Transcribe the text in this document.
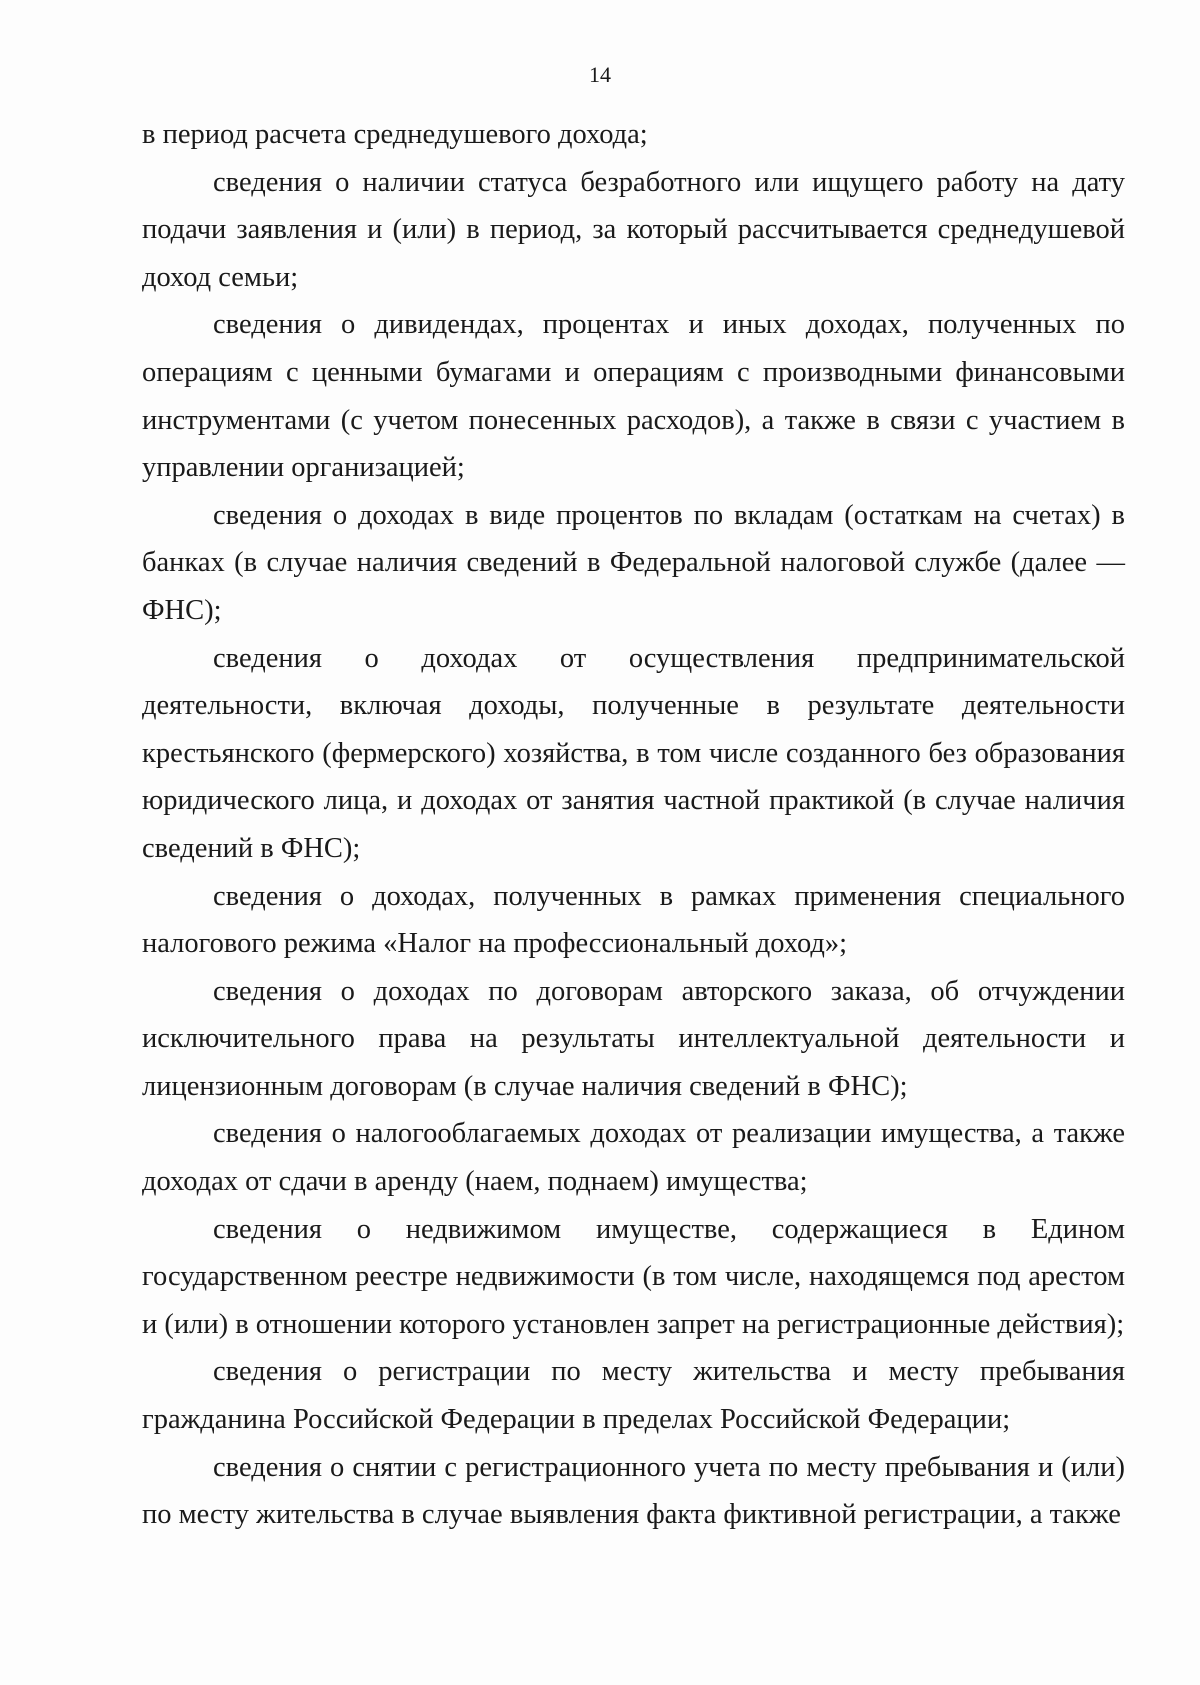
14

в период расчета среднедушевого дохода;

сведения о наличии статуса безработного или ищущего работу на дату подачи заявления и (или) в период, за который рассчитывается среднедушевой доход семьи;

сведения о дивидендах, процентах и иных доходах, полученных по операциям с ценными бумагами и операциям с производными финансовыми инструментами (с учетом понесенных расходов), а также в связи с участием в управлении организацией;

сведения о доходах в виде процентов по вкладам (остаткам на счетах) в банках (в случае наличия сведений в Федеральной налоговой службе (далее — ФНС);

сведения о доходах от осуществления предпринимательской деятельности, включая доходы, полученные в результате деятельности крестьянского (фермерского) хозяйства, в том числе созданного без образования юридического лица, и доходах от занятия частной практикой (в случае наличия сведений в ФНС);

сведения о доходах, полученных в рамках применения специального налогового режима «Налог на профессиональный доход»;

сведения о доходах по договорам авторского заказа, об отчуждении исключительного права на результаты интеллектуальной деятельности и лицензионным договорам (в случае наличия сведений в ФНС);

сведения о налогооблагаемых доходах от реализации имущества, а также доходах от сдачи в аренду (наем, поднаем) имущества;

сведения о недвижимом имуществе, содержащиеся в Едином государственном реестре недвижимости (в том числе, находящемся под арестом и (или) в отношении которого установлен запрет на регистрационные действия);

сведения о регистрации по месту жительства и месту пребывания гражданина Российской Федерации в пределах Российской Федерации;

сведения о снятии с регистрационного учета по месту пребывания и (или) по месту жительства в случае выявления факта фиктивной регистрации, а также
